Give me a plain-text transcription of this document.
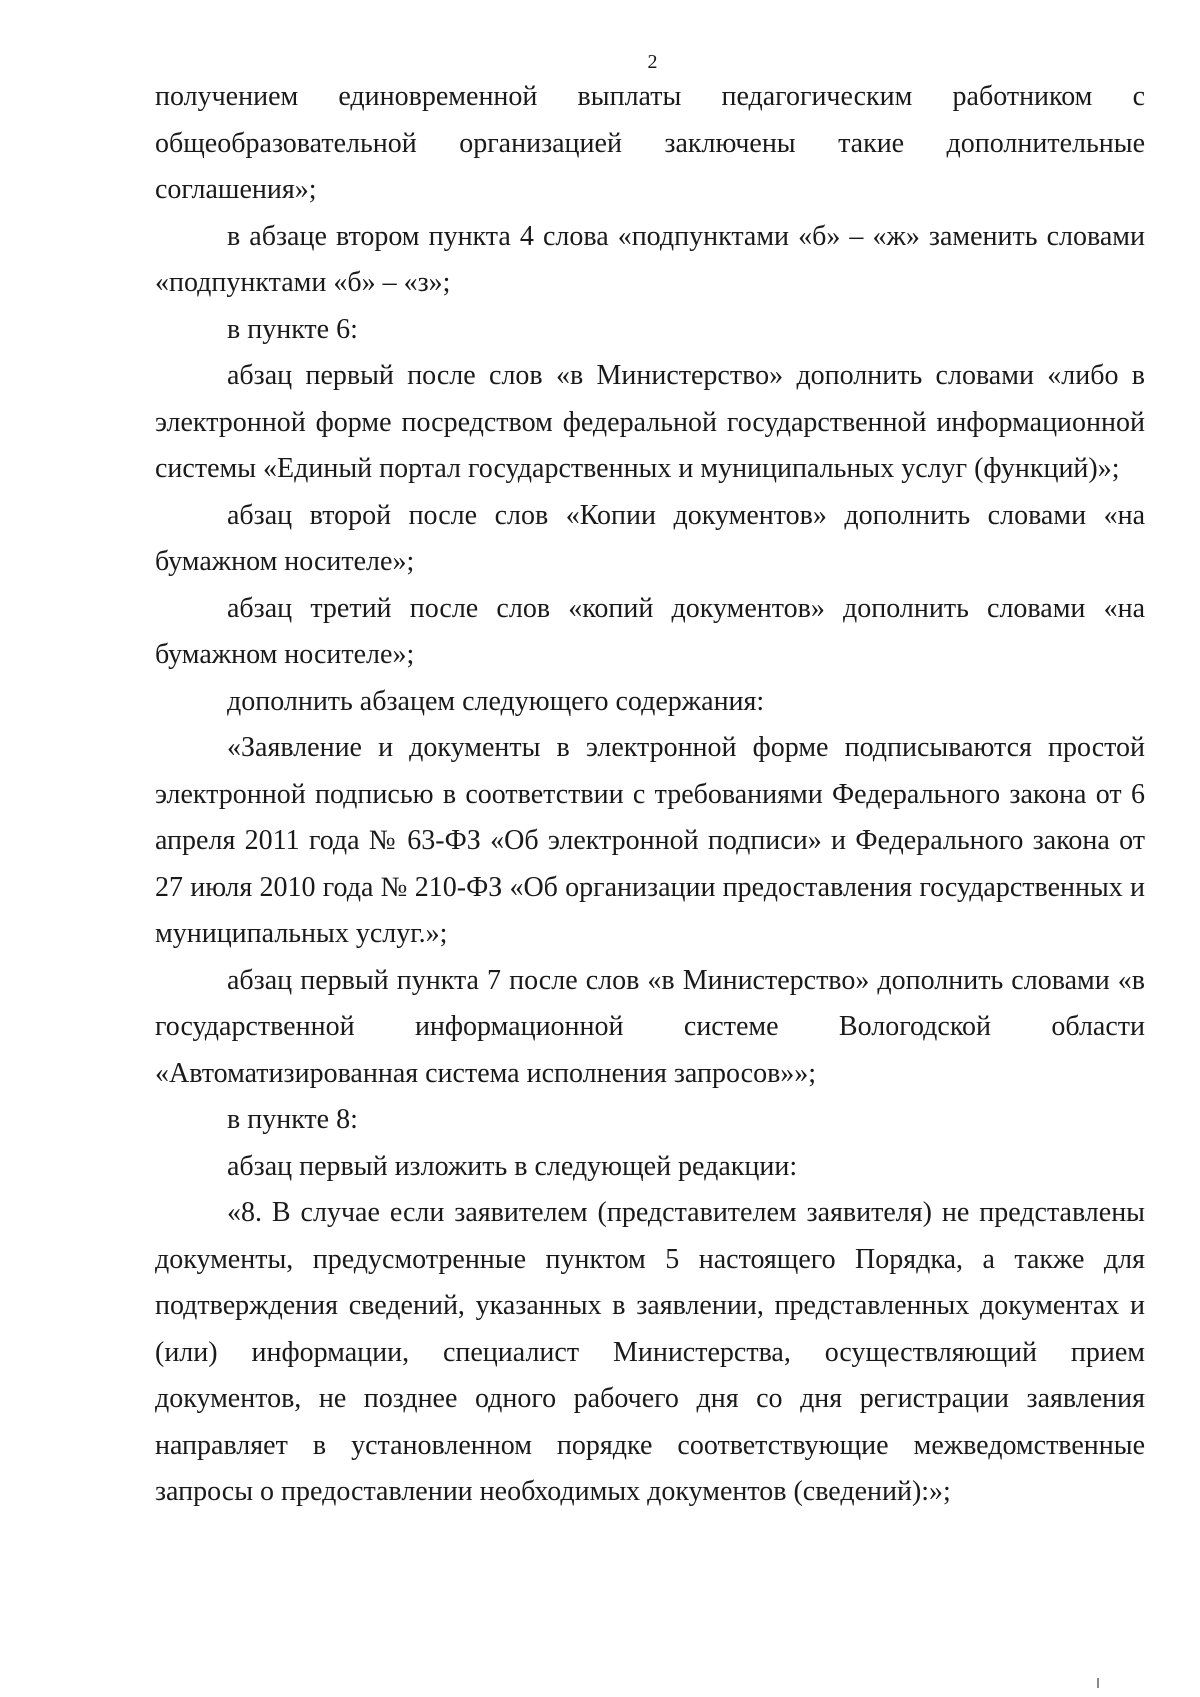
2

получением единовременной выплаты педагогическим работником с общеобразовательной организацией заключены такие дополнительные соглашения»;

в абзаце втором пункта 4 слова «подпунктами «б» – «ж» заменить словами «подпунктами «б» – «з»;

в пункте 6:

абзац первый после слов «в Министерство» дополнить словами «либо в электронной форме посредством федеральной государственной информационной системы «Единый портал государственных и муниципальных услуг (функций)»;

абзац второй после слов «Копии документов» дополнить словами «на бумажном носителе»;

абзац третий после слов «копий документов» дополнить словами «на бумажном носителе»;

дополнить абзацем следующего содержания:

«Заявление и документы в электронной форме подписываются простой электронной подписью в соответствии с требованиями Федерального закона от 6 апреля 2011 года № 63-ФЗ «Об электронной подписи» и Федерального закона от 27 июля 2010 года № 210-ФЗ «Об организации предоставления государственных и муниципальных услуг.»;

абзац первый пункта 7 после слов «в Министерство» дополнить словами «в государственной информационной системе Вологодской области «Автоматизированная система исполнения запросов»»;

в пункте 8:

абзац первый изложить в следующей редакции:

«8. В случае если заявителем (представителем заявителя) не представлены документы, предусмотренные пунктом 5 настоящего Порядка, а также для подтверждения сведений, указанных в заявлении, представленных документах и (или) информации, специалист Министерства, осуществляющий прием документов, не позднее одного рабочего дня со дня регистрации заявления направляет в установленном порядке соответствующие межведомственные запросы о предоставлении необходимых документов (сведений):»;
